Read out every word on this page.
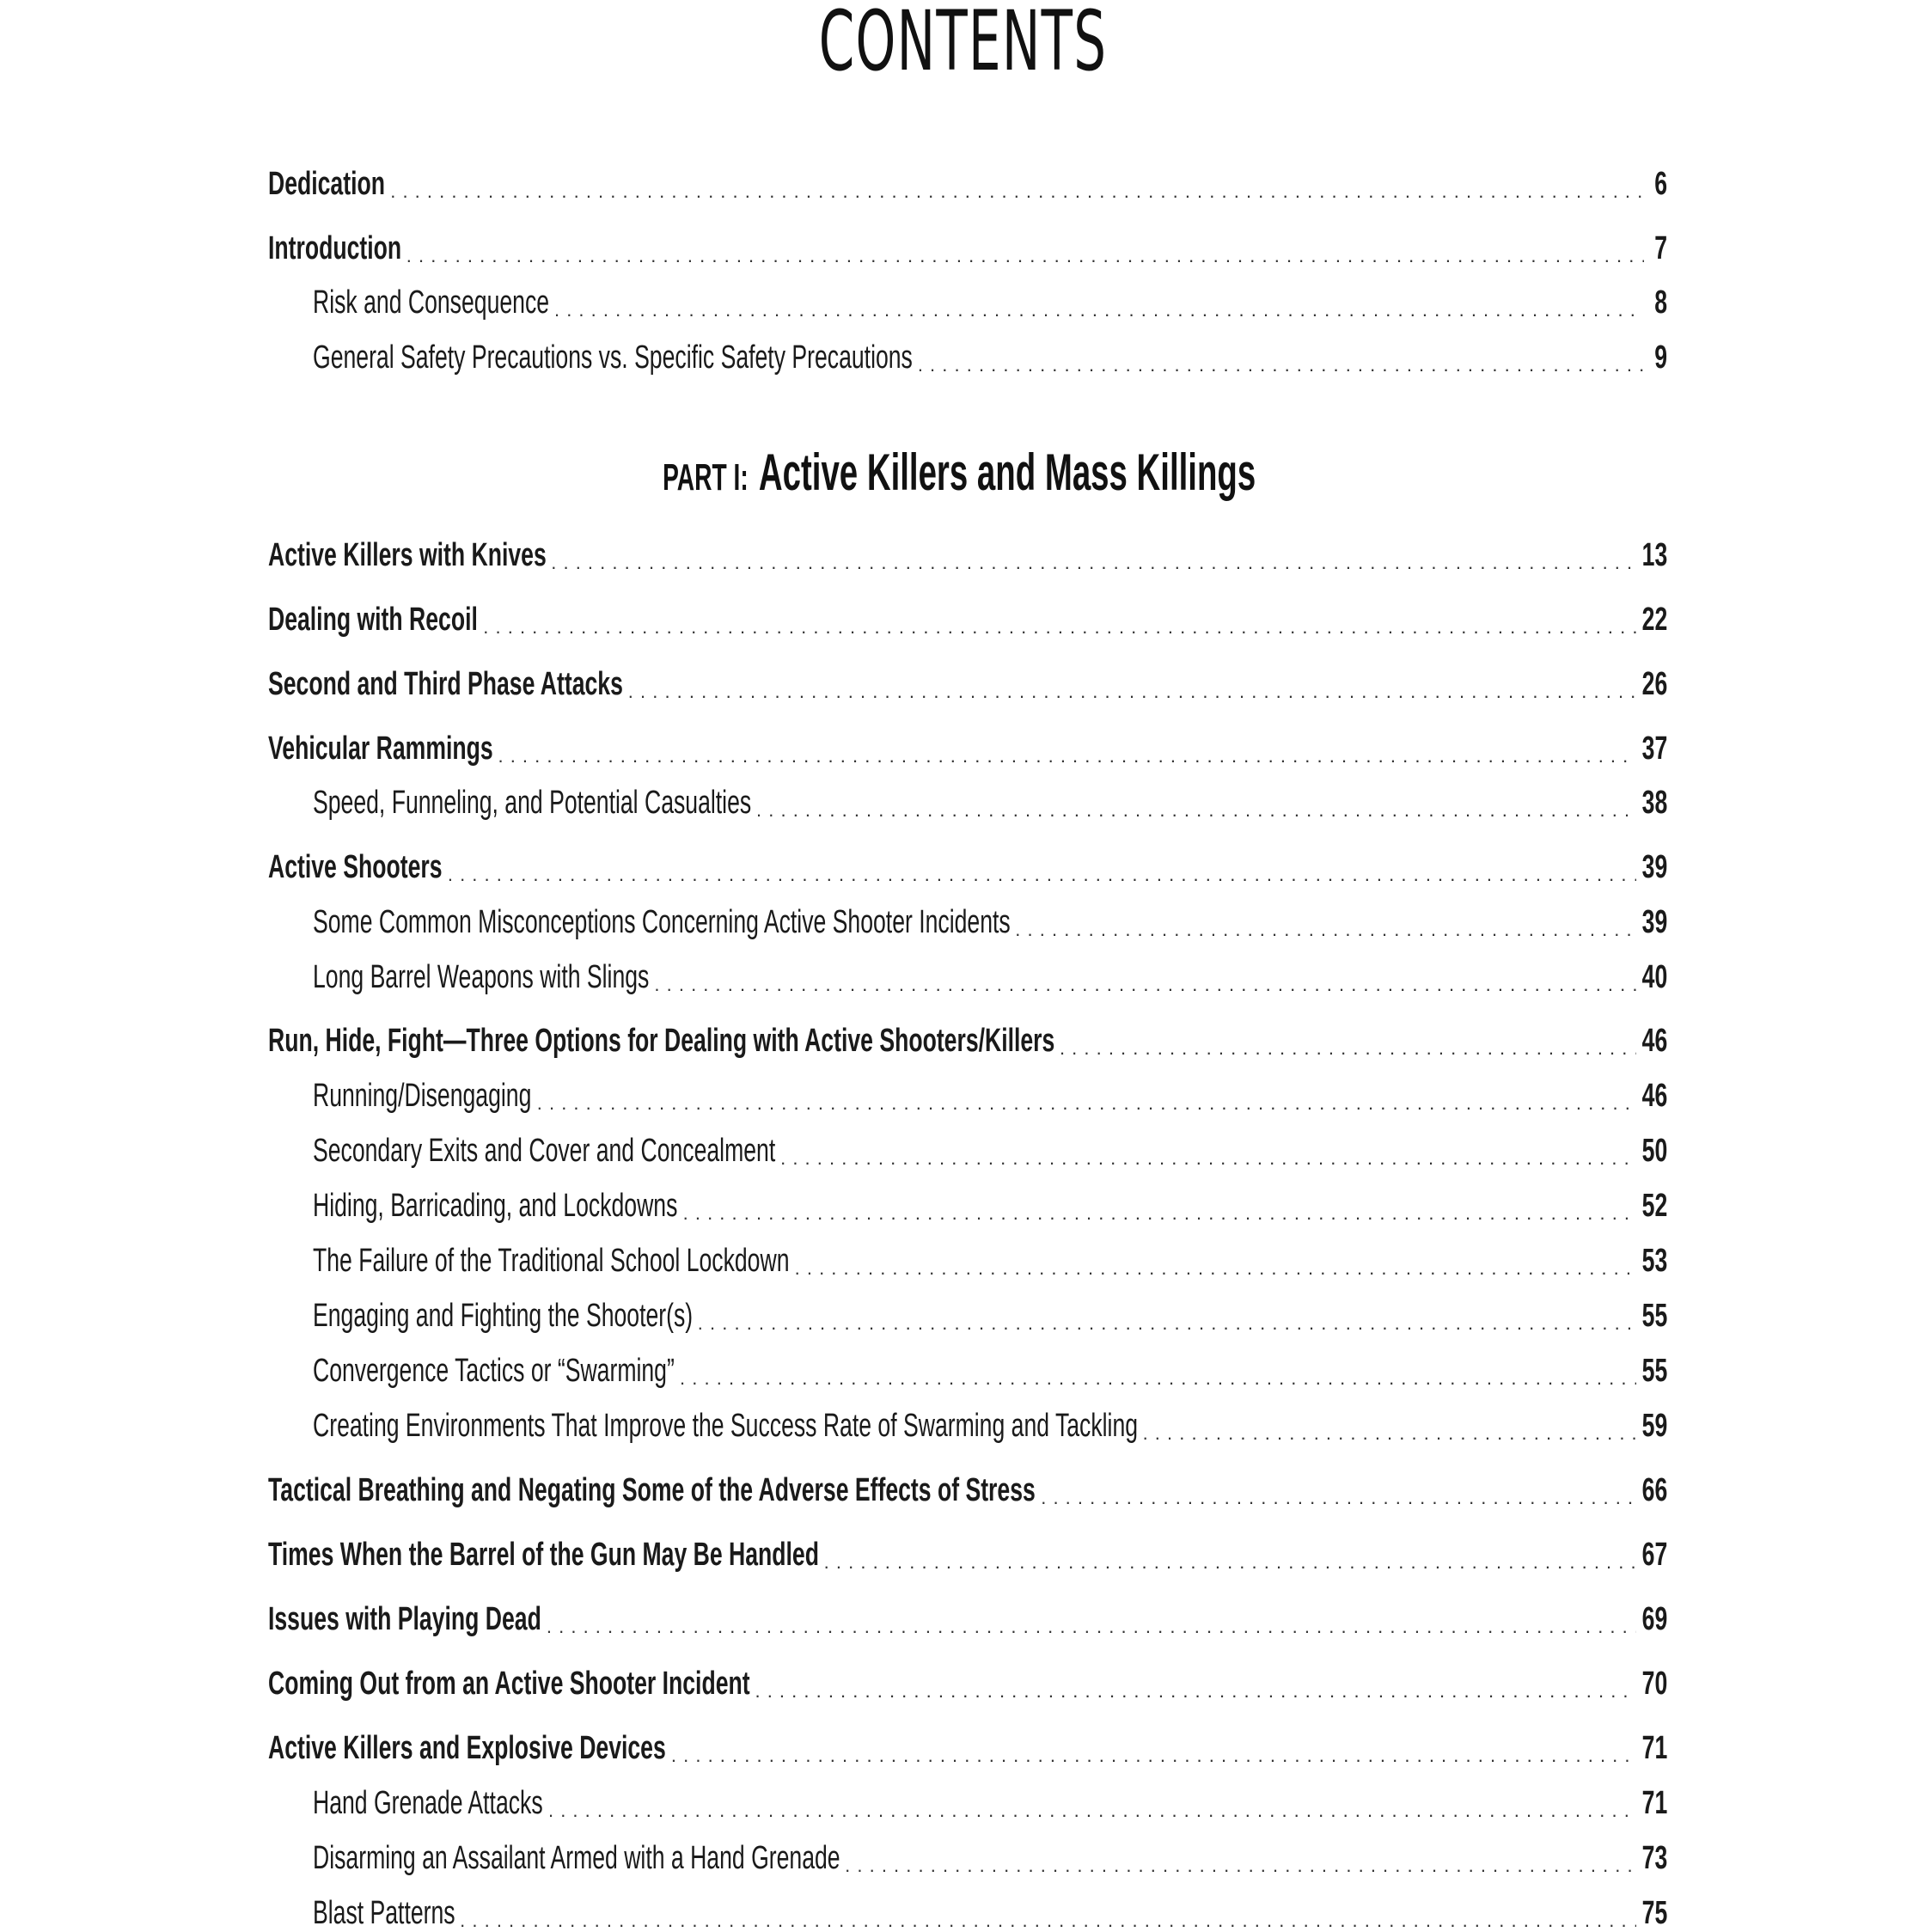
CONTENTS
Dedication . . .	6
Introduction . . .	7
Risk and Consequence . . .	8
General Safety Precautions vs. Specific Safety Precautions . . .	9
PART I: Active Killers and Mass Killings
Active Killers with Knives . . .	13
Dealing with Recoil . . .	22
Second and Third Phase Attacks . . .	26
Vehicular Rammings . . .	37
Speed, Funneling, and Potential Casualties . . .	38
Active Shooters . . .	39
Some Common Misconceptions Concerning Active Shooter Incidents . . .	39
Long Barrel Weapons with Slings . . .	40
Run, Hide, Fight—Three Options for Dealing with Active Shooters/Killers . . .	46
Running/Disengaging . . .	46
Secondary Exits and Cover and Concealment . . .	50
Hiding, Barricading, and Lockdowns . . .	52
The Failure of the Traditional School Lockdown . . .	53
Engaging and Fighting the Shooter(s) . . .	55
Convergence Tactics or “Swarming” . . .	55
Creating Environments That Improve the Success Rate of Swarming and Tackling . . .	59
Tactical Breathing and Negating Some of the Adverse Effects of Stress . . .	66
Times When the Barrel of the Gun May Be Handled . . .	67
Issues with Playing Dead . . .	69
Coming Out from an Active Shooter Incident . . .	70
Active Killers and Explosive Devices . . .	71
Hand Grenade Attacks . . .	71
Disarming an Assailant Armed with a Hand Grenade . . .	73
Blast Patterns . . .	75
